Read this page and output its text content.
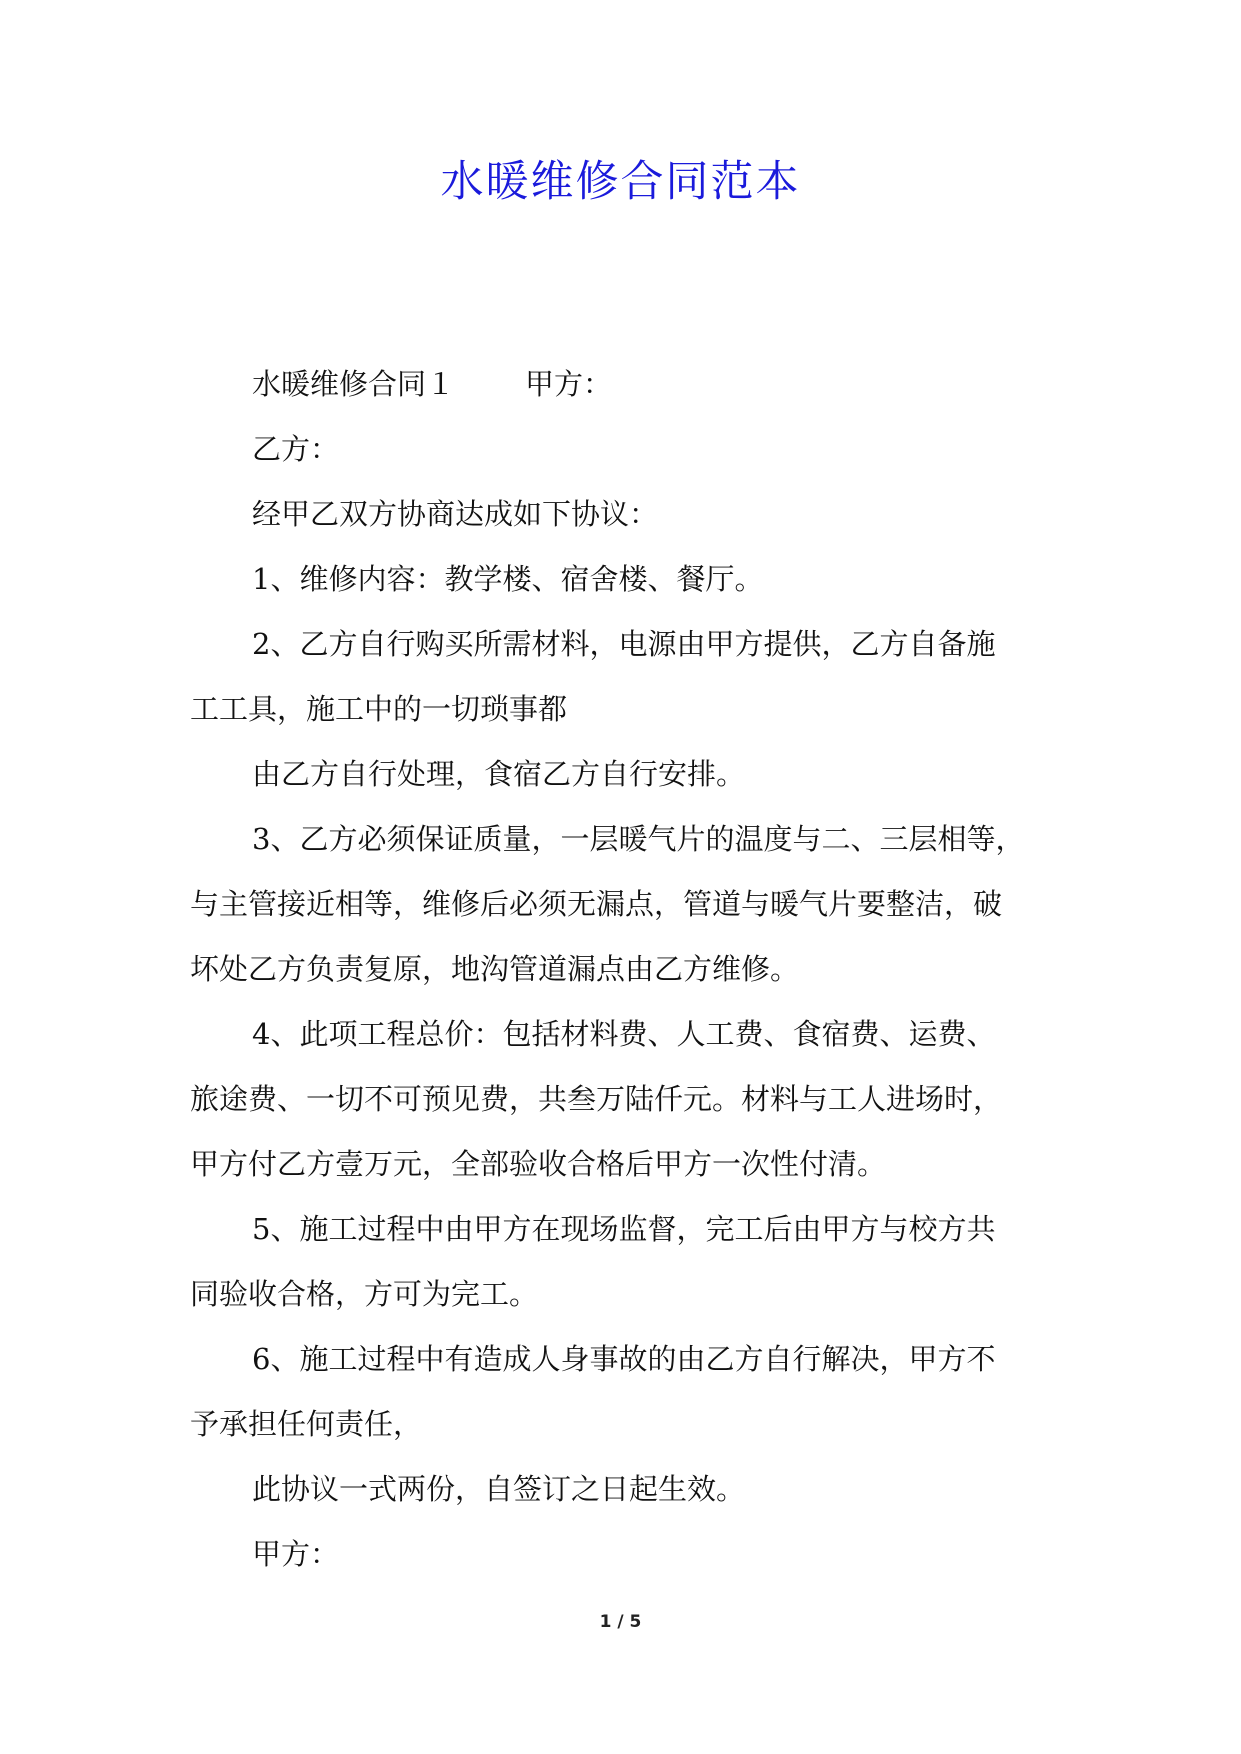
水暖维修合同范本
水暖维修合同１ 甲方：
乙方：
经甲乙双方协商达成如下协议：
1、维修内容：教学楼、宿舍楼、餐厅。
2、乙方自行购买所需材料，电源由甲方提供，乙方自备施
工工具，施工中的一切琐事都
由乙方自行处理，食宿乙方自行安排。
3、乙方必须保证质量，一层暖气片的温度与二、三层相等，
与主管接近相等，维修后必须无漏点，管道与暖气片要整洁，破
坏处乙方负责复原，地沟管道漏点由乙方维修。
4、此项工程总价：包括材料费、人工费、食宿费、运费、
旅途费、一切不可预见费，共叁万陆仟元。材料与工人进场时，
甲方付乙方壹万元，全部验收合格后甲方一次性付清。
5、施工过程中由甲方在现场监督，完工后由甲方与校方共
同验收合格，方可为完工。
6、施工过程中有造成人身事故的由乙方自行解决，甲方不
予承担任何责任，
此协议一式两份，自签订之日起生效。
甲方：
1 / 5
